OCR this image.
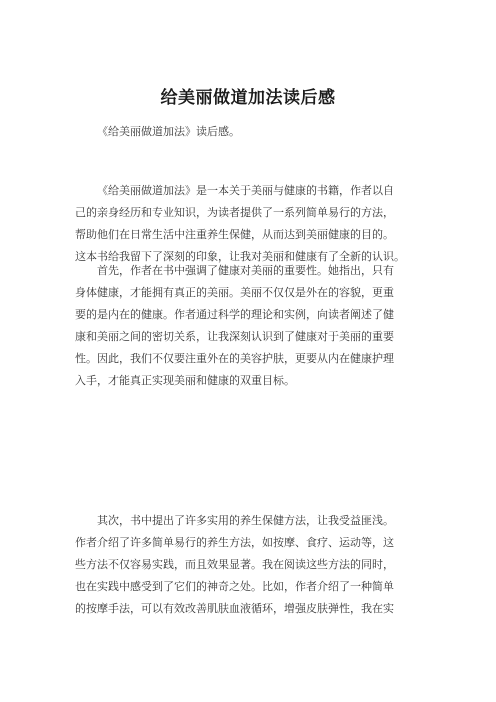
给美丽做道加法读后感

《给美丽做道加法》读后感。

《给美丽做道加法》是一本关于美丽与健康的书籍，作者以自
己的亲身经历和专业知识，为读者提供了一系列简单易行的方法，
帮助他们在日常生活中注重养生保健，从而达到美丽健康的目的。
这本书给我留下了深刻的印象，让我对美丽和健康有了全新的认识。

首先，作者在书中强调了健康对美丽的重要性。她指出，只有
身体健康，才能拥有真正的美丽。美丽不仅仅是外在的容貌，更重
要的是内在的健康。作者通过科学的理论和实例，向读者阐述了健
康和美丽之间的密切关系，让我深刻认识到了健康对于美丽的重要
性。因此，我们不仅要注重外在的美容护肤，更要从内在健康护理
入手，才能真正实现美丽和健康的双重目标。

其次，书中提出了许多实用的养生保健方法，让我受益匪浅。
作者介绍了许多简单易行的养生方法，如按摩、食疗、运动等，这
些方法不仅容易实践，而且效果显著。我在阅读这些方法的同时，
也在实践中感受到了它们的神奇之处。比如，作者介绍了一种简单
的按摩手法，可以有效改善肌肤血液循环，增强皮肤弹性，我在实
